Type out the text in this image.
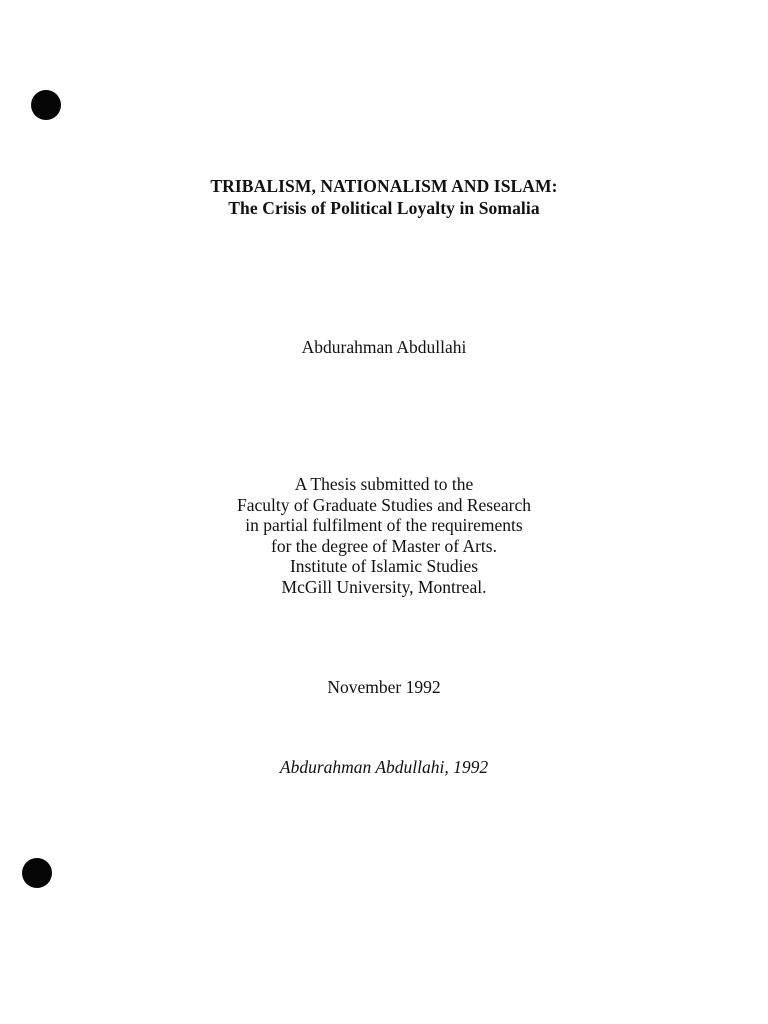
TRIBALISM, NATIONALISM AND ISLAM:
The Crisis of Political Loyalty in Somalia
Abdurahman Abdullahi
A Thesis submitted to the
Faculty of Graduate Studies and Research
in partial fulfilment of the requirements
for the degree of Master of Arts.
Institute of Islamic Studies
McGill University, Montreal.
November 1992
Abdurahman Abdullahi, 1992
